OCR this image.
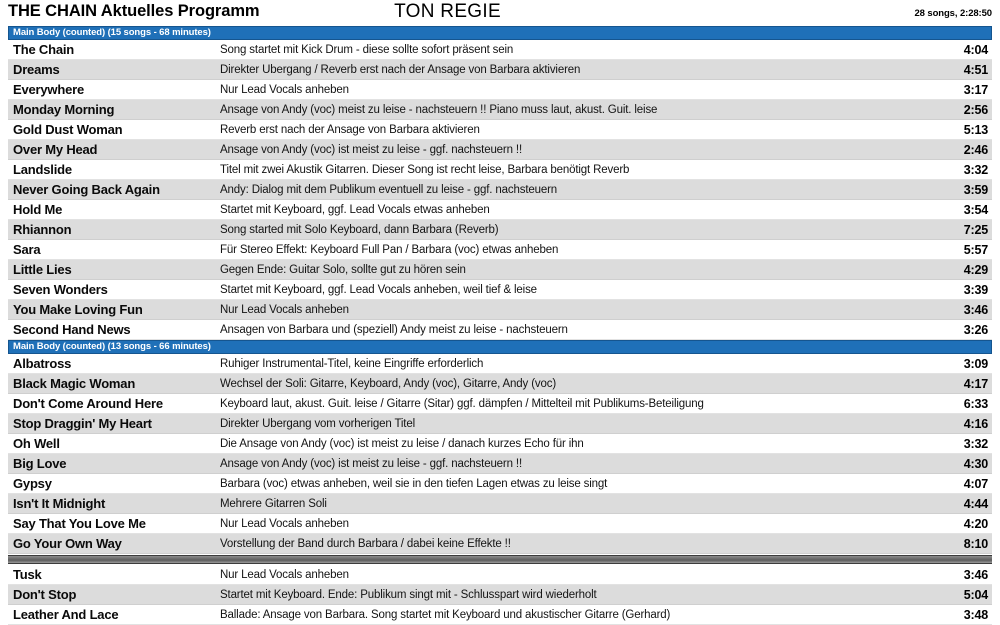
THE CHAIN Aktuelles Programm	TON REGIE	28 songs, 2:28:50
Main Body (counted) (15 songs - 68 minutes)
The Chain	Song startet mit Kick Drum - diese sollte sofort präsent sein	4:04
Dreams	Direkter Übergang / Reverb erst nach der Ansage von Barbara aktivieren	4:51
Everywhere	Nur Lead Vocals anheben	3:17
Monday Morning	Ansage von Andy (voc) meist zu leise - nachsteuern !! Piano muss laut, akust. Guit. leise	2:56
Gold Dust Woman	Reverb erst nach der Ansage von Barbara aktivieren	5:13
Over My Head	Ansage von Andy (voc) ist meist zu leise - ggf. nachsteuern !!	2:46
Landslide	Titel mit zwei Akustik Gitarren. Dieser Song ist recht leise, Barbara benötigt Reverb	3:32
Never Going Back Again	Andy: Dialog mit dem Publikum eventuell zu leise - ggf. nachsteuern	3:59
Hold Me	Startet mit Keyboard, ggf. Lead Vocals etwas anheben	3:54
Rhiannon	Song started mit Solo Keyboard, dann Barbara (Reverb)	7:25
Sara	Für Stereo Effekt: Keyboard Full Pan / Barbara (voc) etwas anheben	5:57
Little Lies	Gegen Ende: Guitar Solo, sollte gut zu hören sein	4:29
Seven Wonders	Startet mit Keyboard, ggf. Lead Vocals anheben, weil tief & leise	3:39
You Make Loving Fun	Nur Lead Vocals anheben	3:46
Second Hand News	Ansagen von Barbara und (speziell) Andy meist zu leise - nachsteuern	3:26
Main Body (counted) (13 songs - 66 minutes)
Albatross	Ruhiger Instrumental-Titel, keine Eingriffe erforderlich	3:09
Black Magic Woman	Wechsel der Soli: Gitarre, Keyboard, Andy (voc), Gitarre, Andy (voc)	4:17
Don't Come Around Here	Keyboard laut, akust. Guit. leise / Gitarre (Sitar) ggf. dämpfen / Mittelteil mit Publikums-Beteiligung	6:33
Stop Draggin' My Heart	Direkter Übergang vom vorherigen Titel	4:16
Oh Well	Die Ansage von Andy (voc) ist meist zu leise / danach kurzes Echo für ihn	3:32
Big Love	Ansage von Andy (voc) ist meist zu leise - ggf. nachsteuern !!	4:30
Gypsy	Barbara (voc) etwas anheben, weil sie in den tiefen Lagen etwas zu leise singt	4:07
Isn't It Midnight	Mehrere Gitarren Soli	4:44
Say That You Love Me	Nur Lead Vocals anheben	4:20
Go Your Own Way	Vorstellung der Band durch Barbara / dabei keine Effekte !!	8:10
Tusk	Nur Lead Vocals anheben	3:46
Don't Stop	Startet mit Keyboard. Ende: Publikum singt mit - Schlusspart wird wiederholt	5:04
Leather And Lace	Ballade: Ansage von Barbara. Song startet mit Keyboard und akustischer Gitarre (Gerhard)	3:48
